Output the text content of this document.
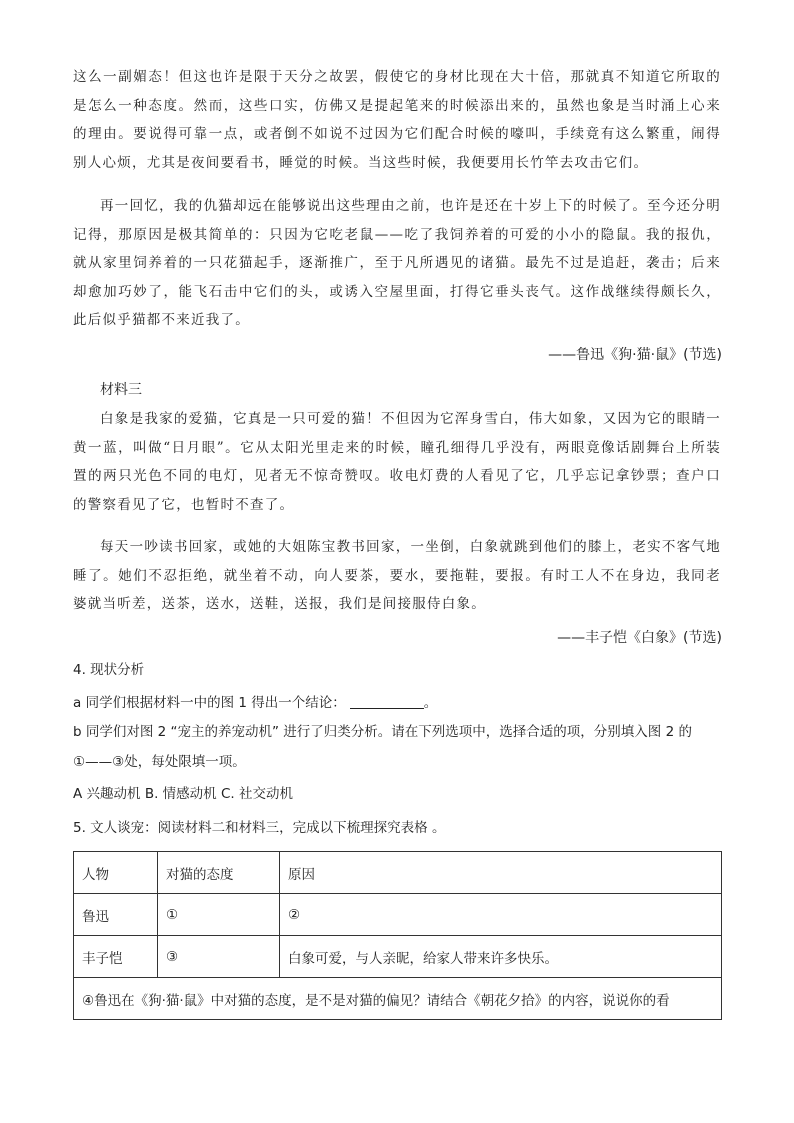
这么一副媚态！但这也许是限于天分之故罢，假使它的身材比现在大十倍，那就真不知道它所取的是怎么一种态度。然而，这些口实，仿佛又是提起笔来的时候添出来的，虽然也象是当时涌上心来的理由。要说得可靠一点，或者倒不如说不过因为它们配合时候的嚎叫，手续竟有这么繁重，闹得别人心烦，尤其是夜间要看书，睡觉的时候。当这些时候，我便要用长竹竿去攻击它们。

再一回忆，我的仇猫却远在能够说出这些理由之前，也许是还在十岁上下的时候了。至今还分明记得，那原因是极其简单的：只因为它吃老鼠——吃了我饲养着的可爱的小小的隐鼠。我的报仇，就从家里饲养着的一只花猫起手，逐渐推广，至于凡所遇见的诸猫。最先不过是追赶，袭击；后来却愈加巧妙了，能飞石击中它们的头，或诱入空屋里面，打得它垂头丧气。这作战继续得颇长久，此后似乎猫都不来近我了。

——鲁迅《狗·猫·鼠》(节选)
材料三

白象是我家的爱猫，它真是一只可爱的猫！不但因为它浑身雪白，伟大如象，又因为它的眼睛一黄一蓝，叫做“日月眼”。它从太阳光里走来的时候，瞳孔细得几乎没有，两眼竟像话剧舞台上所装置的两只光色不同的电灯，见者无不惊奇赞叹。收电灯费的人看见了它，几乎忘记拿钞票；查户口的警察看见了它，也暂时不查了。

每天一吵读书回家，或她的大姐陈宝教书回家，一坐倒，白象就跳到他们的膝上，老实不客气地睡了。她们不忍拒绝，就坐着不动，向人要茶，要水，要拖鞋，要报。有时工人不在身边，我同老婆就当听差，送茶，送水，送鞋，送报，我们是间接服侍白象。

——丰子恺《白象》(节选)

4. 现状分析

a 同学们根据材料一中的图 1 得出一个结论：	。

b 同学们对图 2 “宠主的养宠动机” 进行了归类分析。请在下列选项中，选择合适的项，分别填入图 2 的

①——③处，每处限填一项。

A 兴趣动机 B. 情感动机 C. 社交动机

5. 文人谈宠：阅读材料二和材料三，完成以下梳理探究表格 。

人物	对猫的态度	原因
鲁迅	①	②
丰子恺	③	白象可爱，与人亲昵，给家人带来许多快乐。
④鲁迅在《狗·猫·鼠》中对猫的态度，是不是对猫的偏见？请结合《朝花夕拾》的内容，说说你的看		
